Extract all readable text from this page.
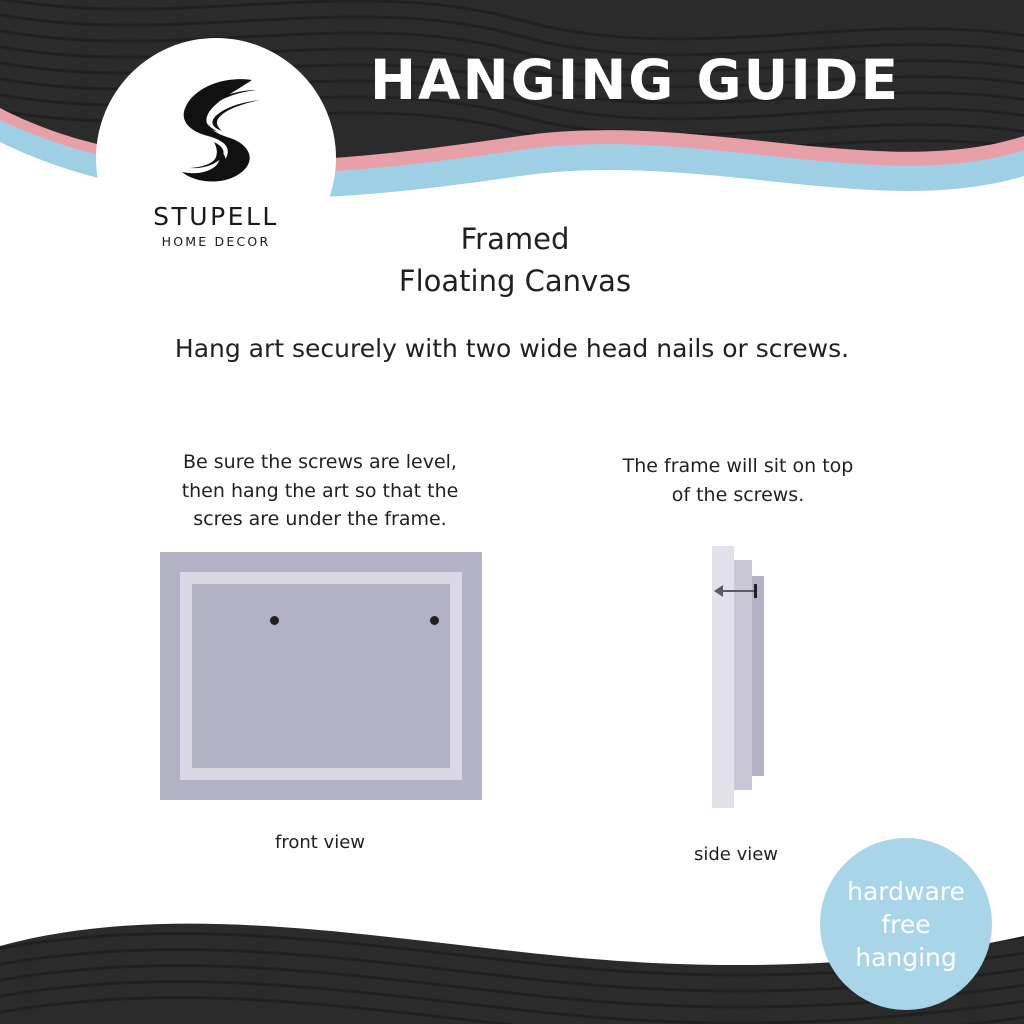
STUPELL
HOME DECOR
HANGING GUIDE
Framed
Floating Canvas
Hang art securely with two wide head nails or screws.
Be sure the screws are level,
then hang the art so that the
scres are under the frame.
The frame will sit on top
of the screws.
front view
side view
hardware
free
hanging
